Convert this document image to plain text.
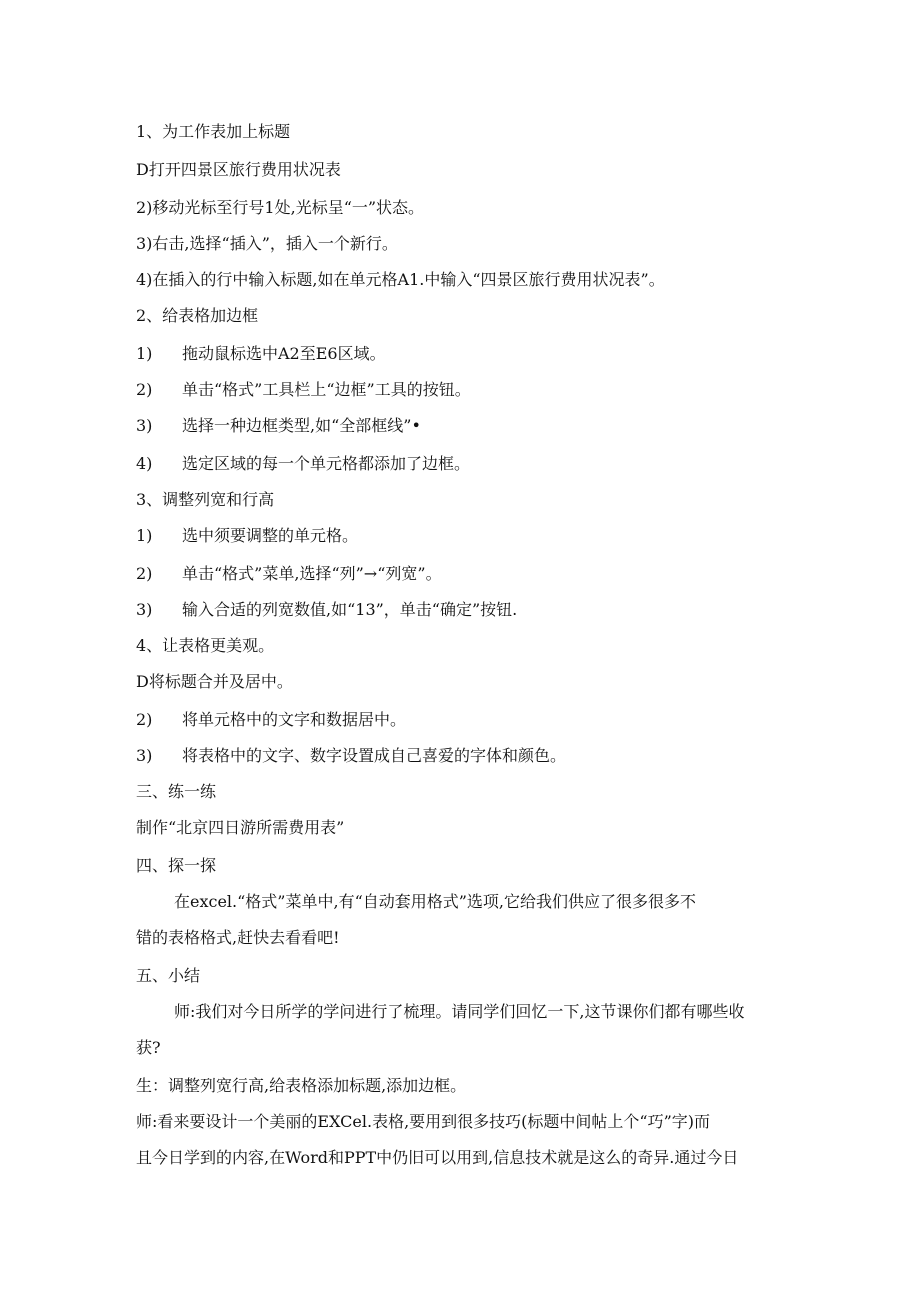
1、为工作表加上标题
D打开四景区旅行费用状况表
2)移动光标至行号1处,光标呈“一”状态。
3)右击,选择“插入”，插入一个新行。
4)在插入的行中输入标题,如在单元格A1.中输入“四景区旅行费用状况表”。
2、给表格加边框
1) 拖动鼠标选中A2至E6区域。
2) 单击“格式”工具栏上“边框”工具的按钮。
3) 选择一种边框类型,如“全部框线”•
4) 选定区域的每一个单元格都添加了边框。
3、调整列宽和行高
1) 选中须要调整的单元格。
2) 单击“格式”菜单,选择“列”→“列宽”。
3) 输入合适的列宽数值,如“13”，单击“确定”按钮.
4、让表格更美观。
D将标题合并及居中。
2) 将单元格中的文字和数据居中。
3) 将表格中的文字、数字设置成自己喜爱的字体和颜色。
三、练一练
制作“北京四日游所需费用表”
四、探一探
在excel.“格式”菜单中,有“自动套用格式”选项,它给我们供应了很多很多不
错的表格格式,赶快去看看吧!
五、小结
师:我们对今日所学的学问进行了梳理。请同学们回忆一下,这节课你们都有哪些收
获?
生：调整列宽行高,给表格添加标题,添加边框。
师:看来要设计一个美丽的EXCel.表格,要用到很多技巧(标题中间帖上个“巧”字)而
且今日学到的内容,在Word和PPT中仍旧可以用到,信息技术就是这么的奇异.通过今日
